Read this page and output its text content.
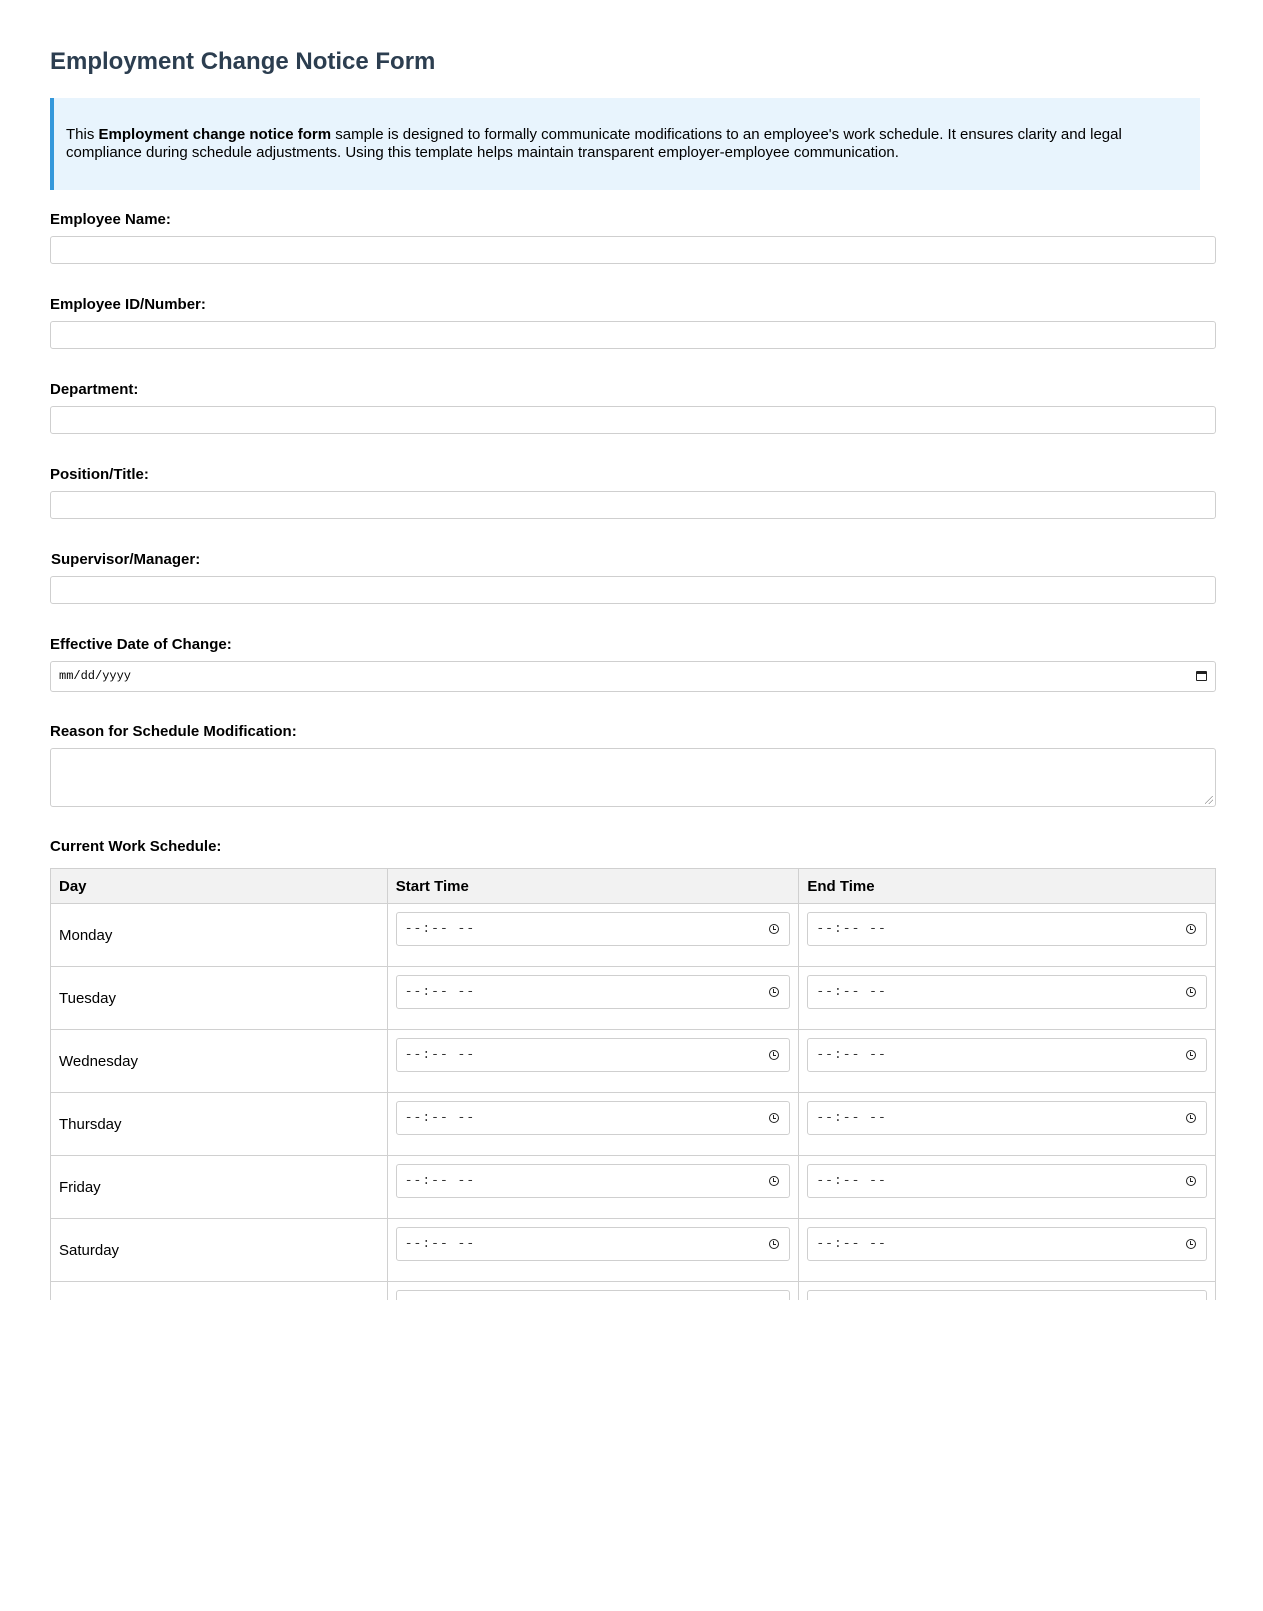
Employment Change Notice Form
This Employment change notice form sample is designed to formally communicate modifications to an employee's work schedule. It ensures clarity and legal compliance during schedule adjustments. Using this template helps maintain transparent employer-employee communication.
Employee Name:
Employee ID/Number:
Department:
Position/Title:
Supervisor/Manager:
Effective Date of Change:
mm/dd/yyyy
Reason for Schedule Modification:
Current Work Schedule:
Day	Start Time	End Time
Monday	--:-- --	--:-- --

Tuesday	--:-- --	--:-- --

Wednesday	--:-- --	--:-- --

Thursday	--:-- --	--:-- --

Friday	--:-- --	--:-- --

Saturday	--:-- --	--:-- --
